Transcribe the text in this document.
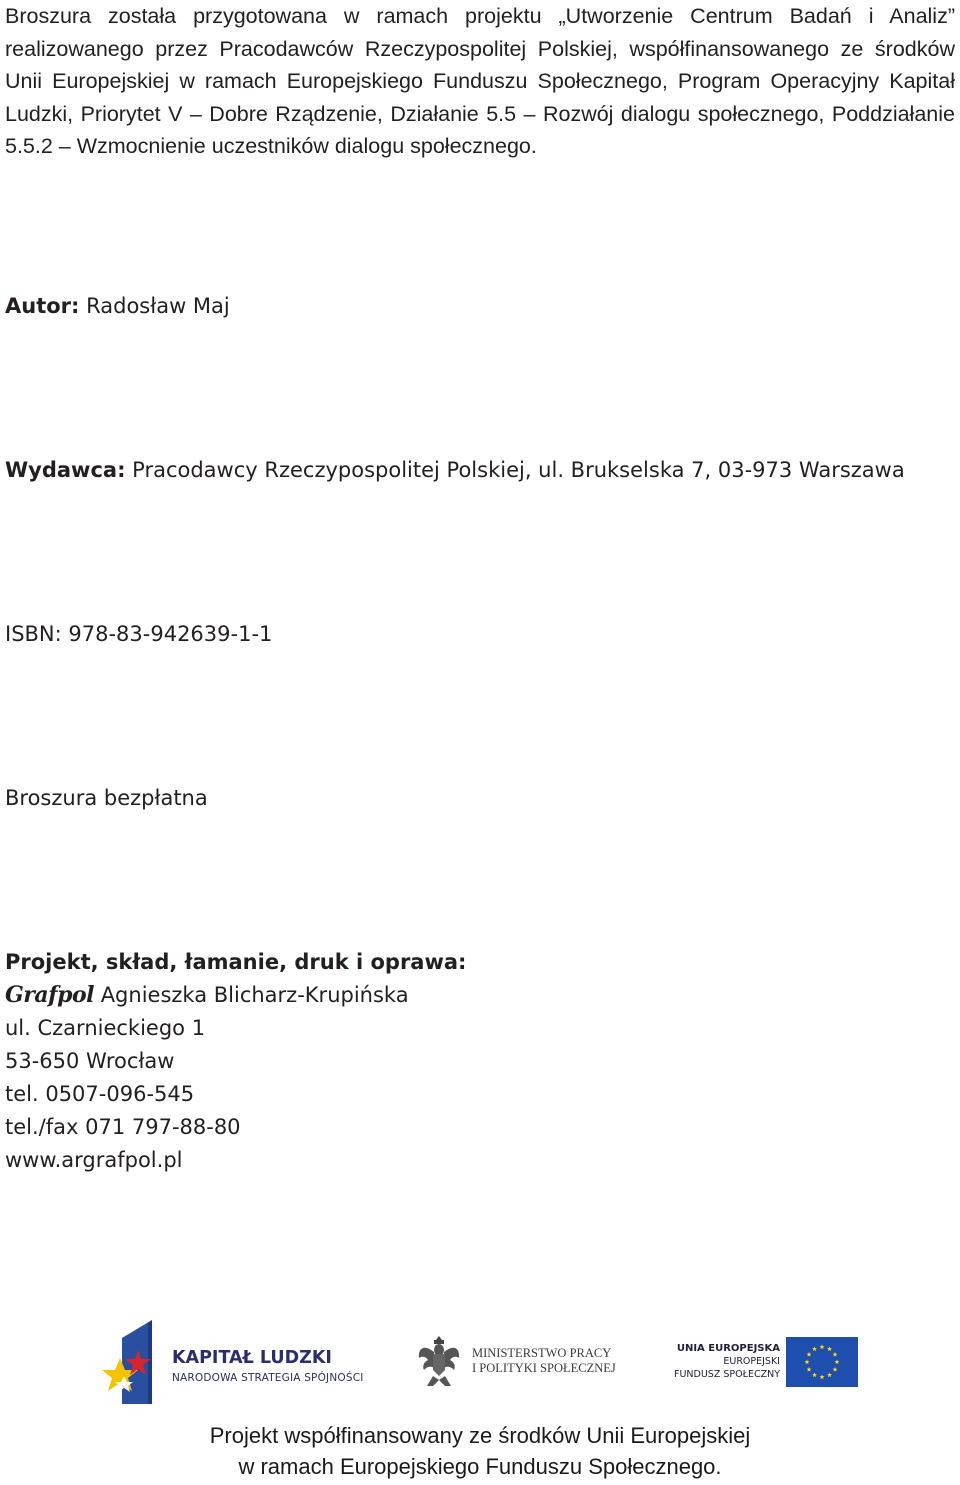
Broszura została przygotowana w ramach projektu „Utworzenie Centrum Badań i Analiz” realizowanego przez Pracodawców Rzeczypospolitej Polskiej, współfinansowanego ze środków Unii Europejskiej w ramach Europejskiego Funduszu Społecznego, Program Operacyjny Kapitał Ludzki, Priorytet V – Dobre Rządzenie, Działanie 5.5 – Rozwój dialogu społecznego, Poddziałanie 5.5.2 – Wzmocnienie uczestników dialogu społecznego.

Autor: Radosław Maj
Wydawca: Pracodawcy Rzeczypospolitej Polskiej, ul. Brukselska 7, 03-973 Warszawa
ISBN: 978-83-942639-1-1
Broszura bezpłatna
Projekt, skład, łamanie, druk i oprawa:
Grafpol Agnieszka Blicharz-Krupińska
ul. Czarnieckiego 1
53-650 Wrocław
tel. 0507-096-545
tel./fax 071 797-88-80
www.argrafpol.pl
KAPITAŁ LUDZKI
NARODOWA STRATEGIA SPÓJNOŚCI
MINISTERSTWO PRACY
I POLITYKI SPOŁECZNEJ
UNIA EUROPEJSKA
EUROPEJSKI
FUNDUSZ SPOŁECZNY
Projekt współfinansowany ze środków Unii Europejskiej
w ramach Europejskiego Funduszu Społecznego.
